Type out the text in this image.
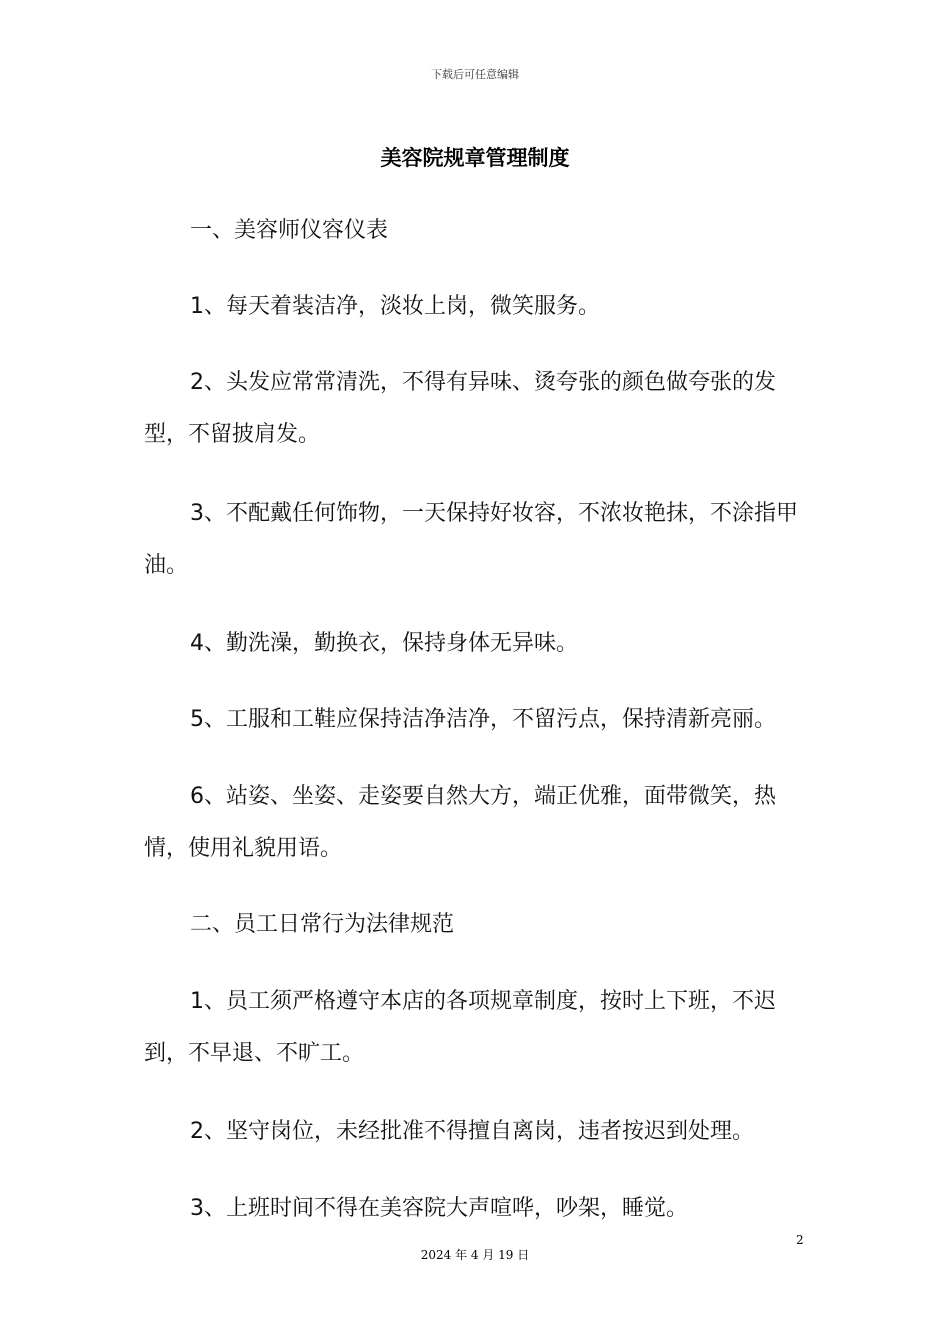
下载后可任意编辑
美容院规章管理制度

一、美容师仪容仪表

1、每天着装洁净，淡妆上岗，微笑服务。

2、头发应常常清洗，不得有异味、烫夸张的颜色做夸张的发型，不留披肩发。

3、不配戴任何饰物，一天保持好妆容，不浓妆艳抹，不涂指甲油。

4、勤洗澡，勤换衣，保持身体无异味。

5、工服和工鞋应保持洁净洁净，不留污点，保持清新亮丽。

6、站姿、坐姿、走姿要自然大方，端正优雅，面带微笑，热情，使用礼貌用语。

二、员工日常行为法律规范

1、员工须严格遵守本店的各项规章制度，按时上下班，不迟到，不早退、不旷工。

2、坚守岗位，未经批准不得擅自离岗，违者按迟到处理。

3、上班时间不得在美容院大声喧哗，吵架，睡觉。

2
2024 年 4 月 19 日
